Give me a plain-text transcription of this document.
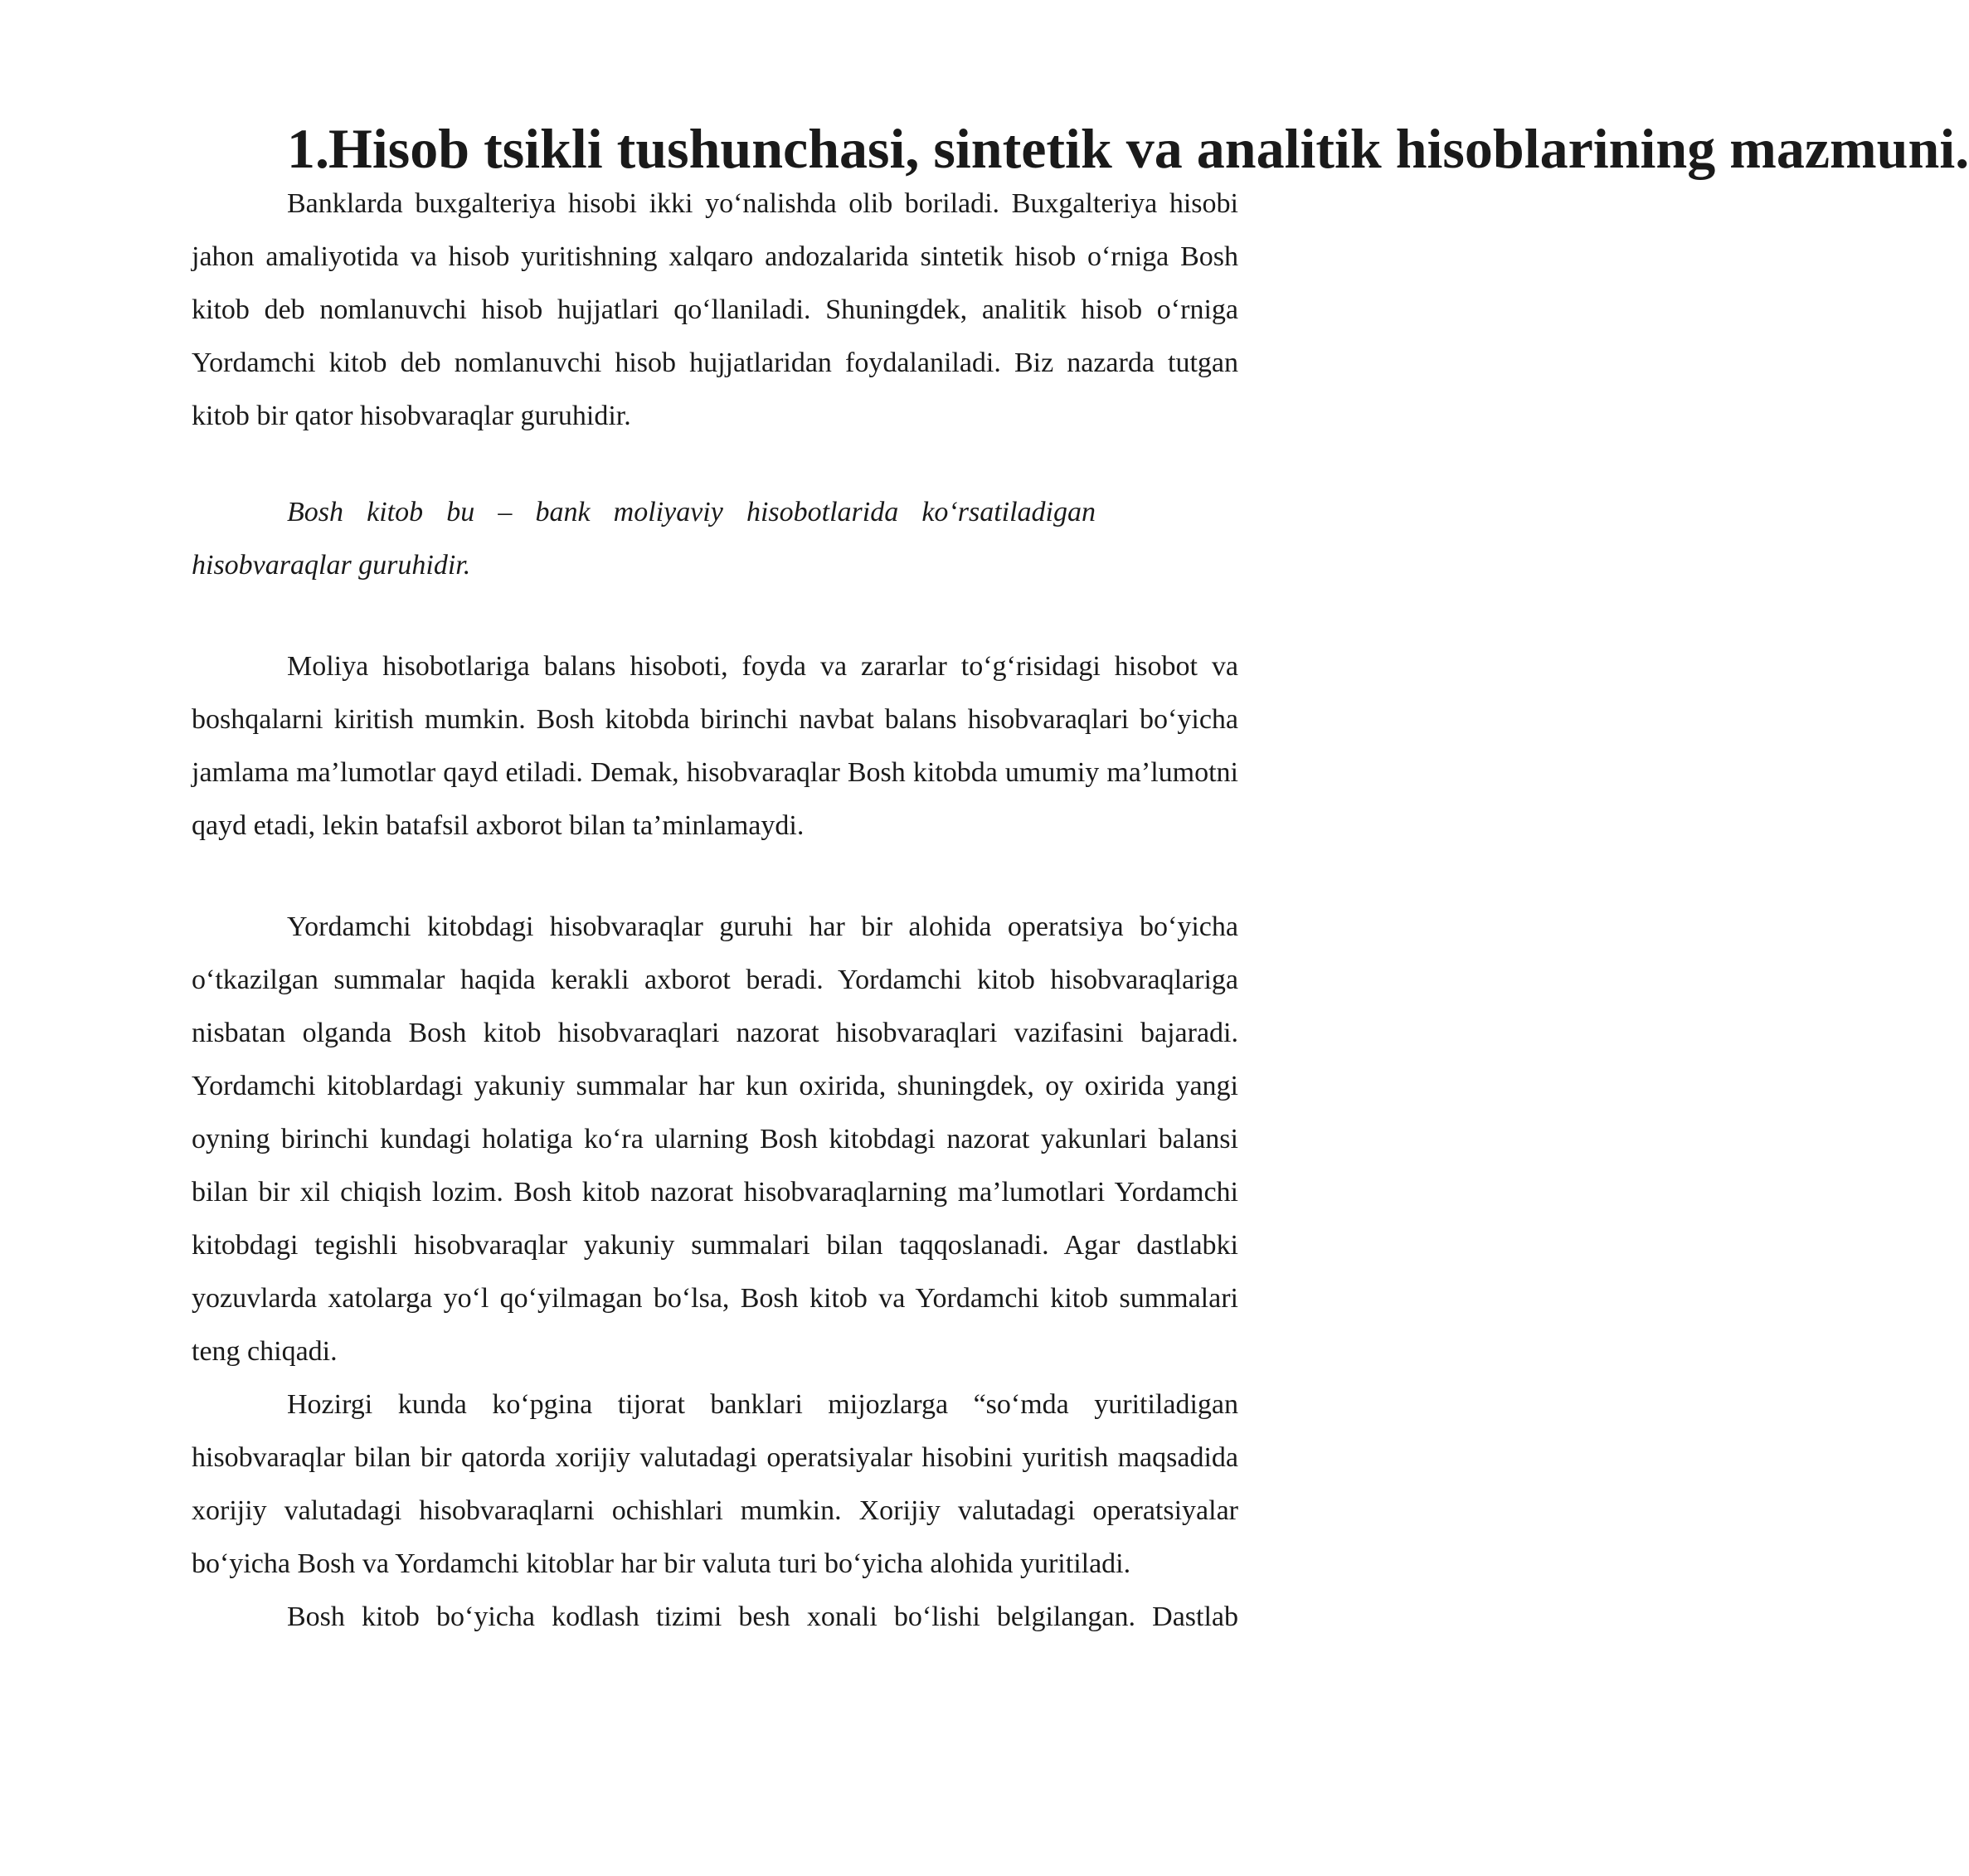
1.Hisob tsikli tushunchasi, sintetik va analitik hisoblarining mazmuni.

Banklarda buxgalteriya hisobi ikki yo‘nalishda olib boriladi. Buxgalteriya hisobi jahon amaliyotida va hisob yuritishning xalqaro andozalarida sintetik hisob o‘rniga Bosh kitob deb nomlanuvchi hisob hujjatlari qo‘llaniladi. Shuningdek, analitik hisob o‘rniga Yordamchi kitob deb nomlanuvchi hisob hujjatlaridan foydalaniladi. Biz nazarda tutgan kitob bir qator hisobvaraqlar guruhidir.

Bosh kitob bu – bank moliyaviy hisobotlarida ko‘rsatiladigan hisobvaraqlar guruhidir.

Moliya hisobotlariga balans hisoboti, foyda va zararlar to‘g‘risidagi hisobot va boshqalarni kiritish mumkin. Bosh kitobda birinchi navbat balans hisobvaraqlari bo‘yicha jamlama ma’lumotlar qayd etiladi. Demak, hisobvaraqlar Bosh kitobda umumiy ma’lumotni qayd etadi, lekin batafsil axborot bilan ta’minlamaydi.

Yordamchi kitobdagi hisobvaraqlar guruhi har bir alohida operatsiya bo‘yicha o‘tkazilgan summalar haqida kerakli axborot beradi. Yordamchi kitob hisobvaraqlariga nisbatan olganda Bosh kitob hisobvaraqlari nazorat hisobvaraqlari vazifasini bajaradi. Yordamchi kitoblardagi yakuniy summalar har kun oxirida, shuningdek, oy oxirida yangi oyning birinchi kundagi holatiga ko‘ra ularning Bosh kitobdagi nazorat yakunlari balansi bilan bir xil chiqish lozim. Bosh kitob nazorat hisobvaraqlarning ma’lumotlari Yordamchi kitobdagi tegishli hisobvaraqlar yakuniy summalari bilan taqqoslanadi. Agar dastlabki yozuvlarda xatolarga yo‘l qo‘yilmagan bo‘lsa, Bosh kitob va Yordamchi kitob summalari teng chiqadi.

Hozirgi kunda ko‘pgina tijorat banklari mijozlarga “so‘mda yuritiladigan hisobvaraqlar bilan bir qatorda xorijiy valutadagi operatsiyalar hisobini yuritish maqsadida xorijiy valutadagi hisobvaraqlarni ochishlari mumkin. Xorijiy valutadagi operatsiyalar bo‘yicha Bosh va Yordamchi kitoblar har bir valuta turi bo‘yicha alohida yuritiladi.

Bosh kitob bo‘yicha kodlash tizimi besh xonali bo‘lishi belgilangan. Dastlab
